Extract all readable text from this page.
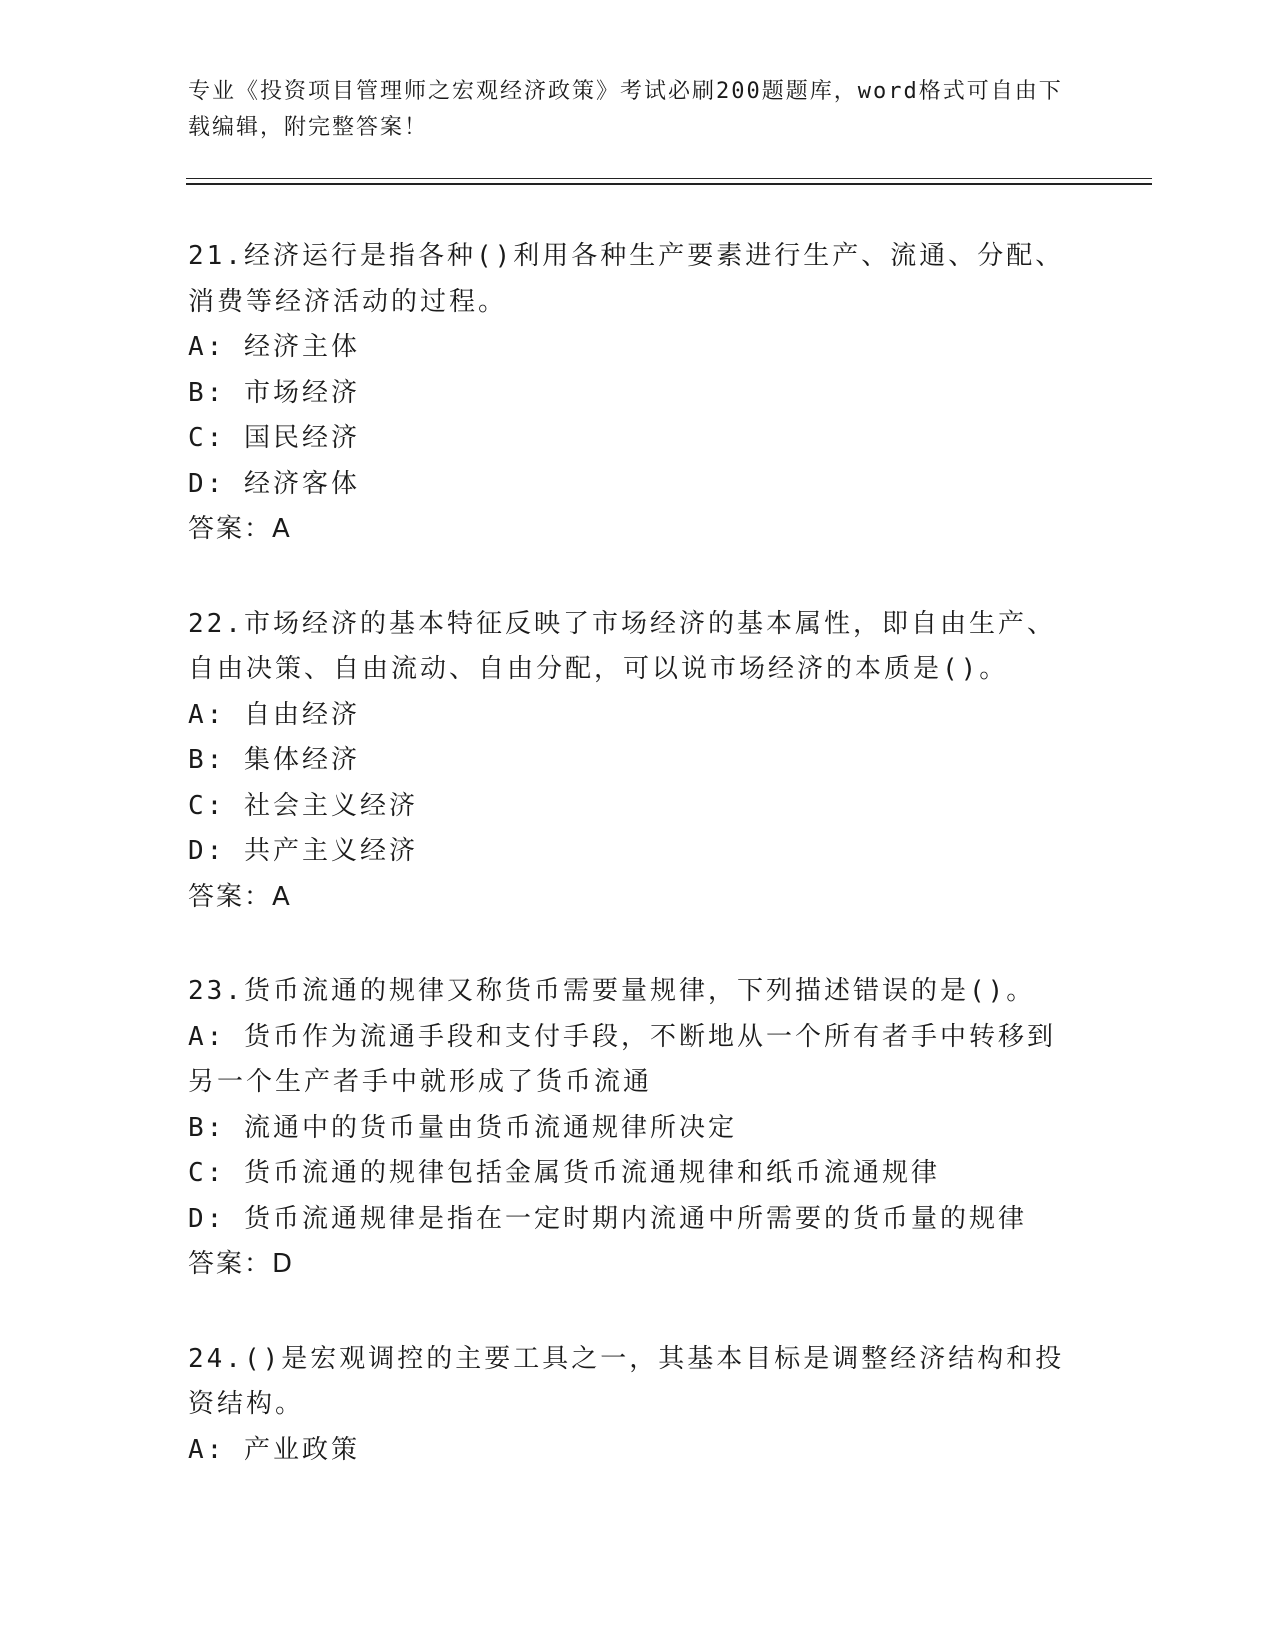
专业《投资项目管理师之宏观经济政策》考试必刷200题题库，word格式可自由下载编辑，附完整答案！
21.经济运行是指各种()利用各种生产要素进行生产、流通、分配、消费等经济活动的过程。
A: 经济主体
B: 市场经济
C: 国民经济
D: 经济客体
答案：A
22.市场经济的基本特征反映了市场经济的基本属性，即自由生产、自由决策、自由流动、自由分配，可以说市场经济的本质是()。
A: 自由经济
B: 集体经济
C: 社会主义经济
D: 共产主义经济
答案：A
23.货币流通的规律又称货币需要量规律，下列描述错误的是()。
A: 货币作为流通手段和支付手段，不断地从一个所有者手中转移到另一个生产者手中就形成了货币流通
B: 流通中的货币量由货币流通规律所决定
C: 货币流通的规律包括金属货币流通规律和纸币流通规律
D: 货币流通规律是指在一定时期内流通中所需要的货币量的规律
答案：D
24.()是宏观调控的主要工具之一，其基本目标是调整经济结构和投资结构。
A: 产业政策
